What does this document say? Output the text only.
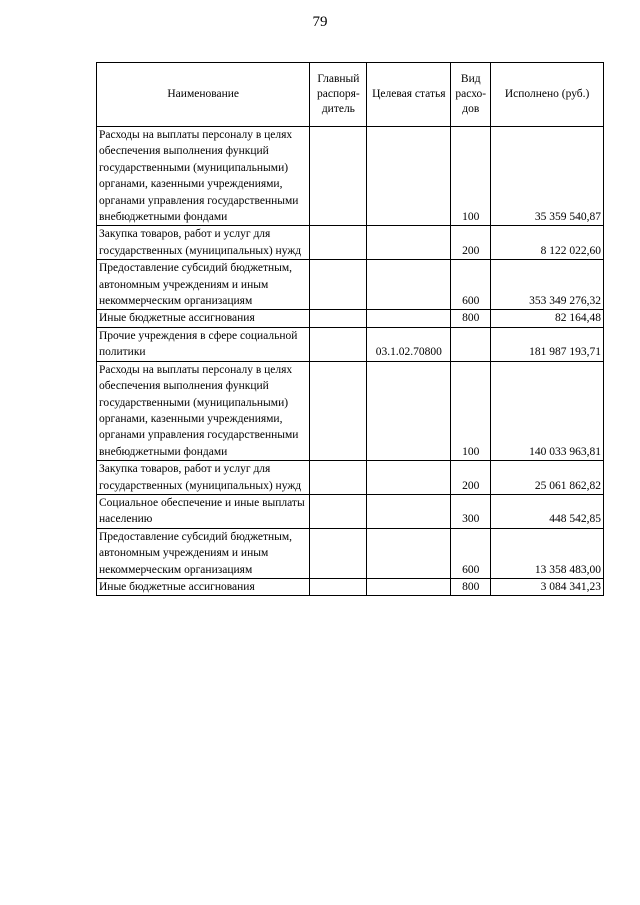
79
Наименование	Главный распоря-дитель	Целевая статья	Вид расхо-дов	Исполнено (руб.)
Расходы на выплаты персоналу в целях обеспечения выполнения функций государственными (муниципальными) органами, казенными учреждениями, органами управления государственными внебюджетными фондами			100	35 359 540,87
Закупка товаров, работ и услуг для государственных (муниципальных) нужд			200	8 122 022,60
Предоставление субсидий бюджетным, автономным учреждениям и иным некоммерческим организациям			600	353 349 276,32
Иные бюджетные ассигнования			800	82 164,48
Прочие учреждения в сфере социальной политики		03.1.02.70800		181 987 193,71
Расходы на выплаты персоналу в целях обеспечения выполнения функций государственными (муниципальными) органами, казенными учреждениями, органами управления государственными внебюджетными фондами			100	140 033 963,81
Закупка товаров, работ и услуг для государственных (муниципальных) нужд			200	25 061 862,82
Социальное обеспечение и иные выплаты населению			300	448 542,85
Предоставление субсидий бюджетным, автономным учреждениям и иным некоммерческим организациям			600	13 358 483,00
Иные бюджетные ассигнования			800	3 084 341,23
